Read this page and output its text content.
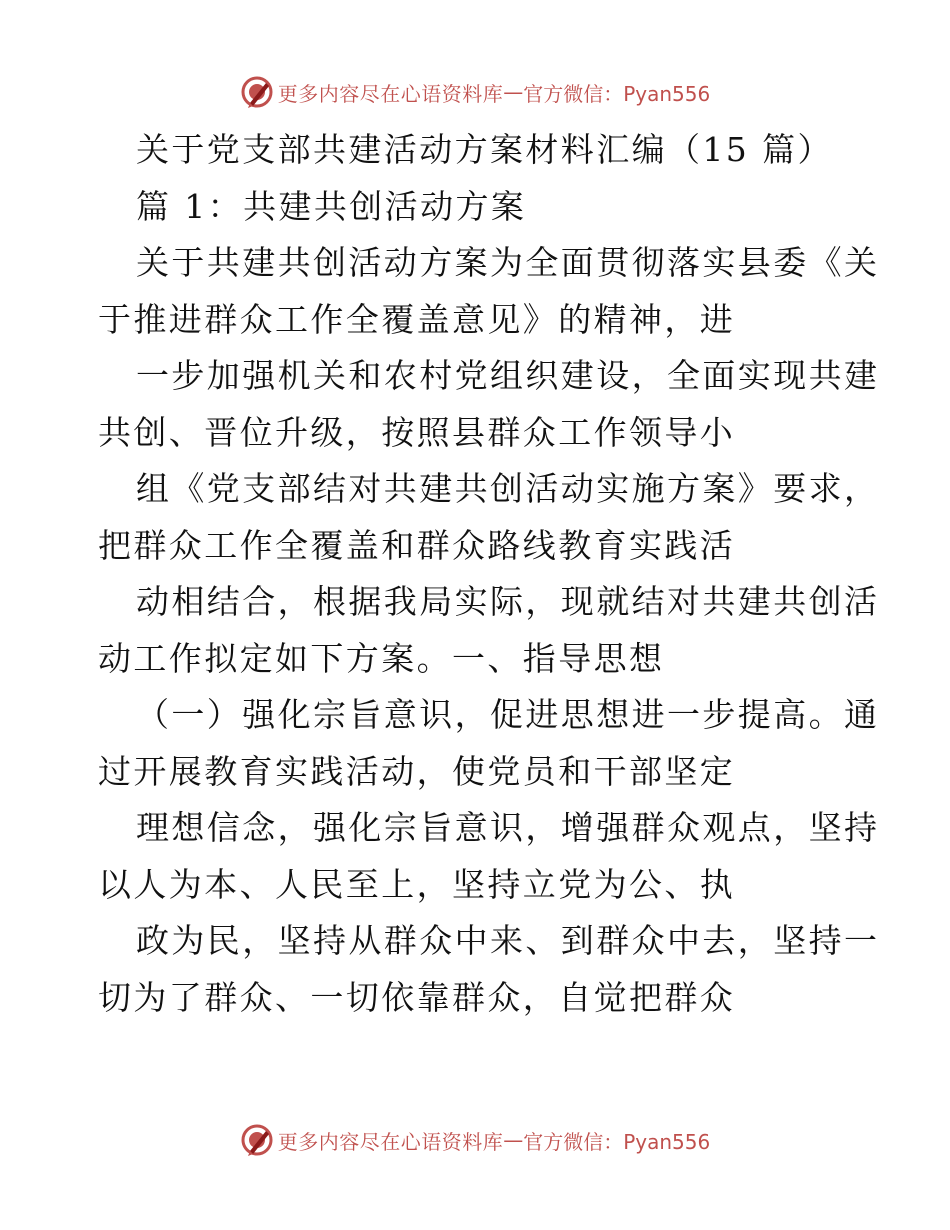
更多内容尽在心语资料库 — 官方微信：Pyan556
关于党支部共建活动方案材料汇编（15 篇）
篇 1：共建共创活动方案
关于共建共创活动方案为全面贯彻落实县委《关
于推进群众工作全覆盖意见》的精神，进
一步加强机关和农村党组织建设，全面实现共建
共创、晋位升级，按照县群众工作领导小
组《党支部结对共建共创活动实施方案》要求，
把群众工作全覆盖和群众路线教育实践活
动相结合，根据我局实际，现就结对共建共创活
动工作拟定如下方案。一、指导思想
（一）强化宗旨意识，促进思想进一步提高。通
过开展教育实践活动，使党员和干部坚定
理想信念，强化宗旨意识，增强群众观点，坚持
以人为本、人民至上，坚持立党为公、执
政为民，坚持从群众中来、到群众中去，坚持一
切为了群众、一切依靠群众，自觉把群众
更多内容尽在心语资料库 — 官方微信：Pyan556
